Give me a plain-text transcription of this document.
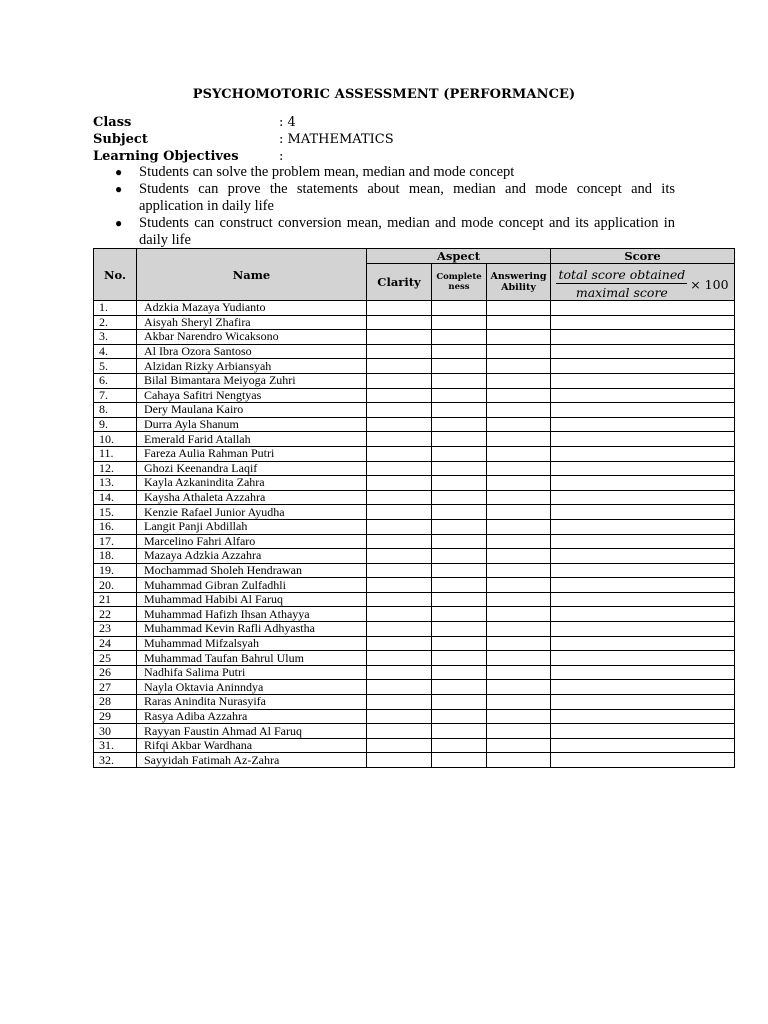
PSYCHOMOTORIC ASSESSMENT (PERFORMANCE)
Class	: 4
Subject	: MATHEMATICS
Learning Objectives	:
● Students can solve the problem mean, median and mode concept
● Students can prove the statements about mean, median and mode concept and its application in daily life
● Students can construct conversion mean, median and mode concept and its application in daily life
No.	Name	Aspect			Score
		Clarity	Complete ness	Answering Ability	$\frac{\text{total score obtained}}{\text{maximal score}} \times 100$

1.	Adzkia Mazaya Yudianto				
2.	Aisyah Sheryl Zhafira				
3.	Akbar Narendro Wicaksono				
4.	Al Ibra Ozora Santoso				
5.	Alzidan Rizky Arbiansyah				
6.	Bilal Bimantara Meiyoga Zuhri				
7.	Cahaya Safitri Nengtyas				
8.	Dery Maulana Kairo				
9.	Durra Ayla Shanum				
10.	Emerald Farid Atallah				
11.	Fareza Aulia Rahman Putri				
12.	Ghozi Keenandra Laqif				
13.	Kayla Azkanindita Zahra				
14.	Kaysha Athaleta Azzahra				
15.	Kenzie Rafael Junior Ayudha				
16.	Langit Panji Abdillah				
17.	Marcelino Fahri Alfaro				
18.	Mazaya Adzkia Azzahra				
19.	Mochammad Sholeh Hendrawan				
20.	Muhammad Gibran Zulfadhli				
21	Muhammad Habibi Al Faruq				
22	Muhammad Hafizh Ihsan Athayya				
23	Muhammad Kevin Rafli Adhyastha				
24	Muhammad Mifzalsyah				
25	Muhammad Taufan Bahrul Ulum				
26	Nadhifa Salima Putri				
27	Nayla Oktavia Aninndya				
28	Raras Anindita Nurasyifa				
29	Rasya Adiba Azzahra				
30	Rayyan Faustin Ahmad Al Faruq				
31.	Rifqi Akbar Wardhana				
32.	Sayyidah Fatimah Az-Zahra				
